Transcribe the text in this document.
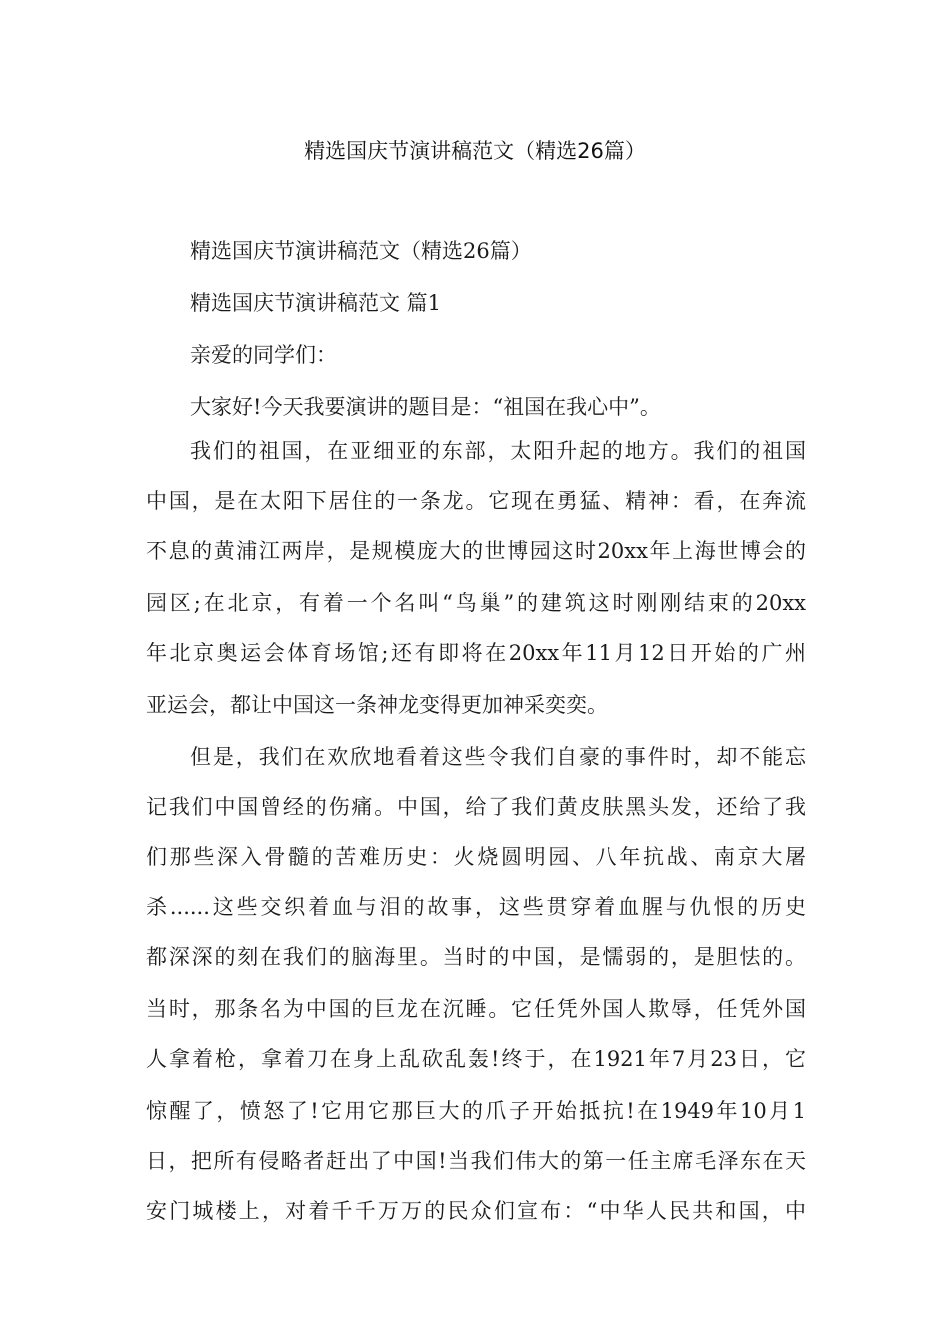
精选国庆节演讲稿范文（精选26篇）
精选国庆节演讲稿范文（精选26篇）
精选国庆节演讲稿范文 篇1
亲爱的同学们：
大家好!今天我要演讲的题目是：“祖国在我心中”。
我们的祖国，在亚细亚的东部，太阳升起的地方。我们的祖国
中国，是在太阳下居住的一条龙。它现在勇猛、精神：看，在奔流
不息的黄浦江两岸，是规模庞大的世博园这时20xx年上海世博会的
园区;在北京，有着一个名叫“鸟巢”的建筑这时刚刚结束的20xx
年北京奥运会体育场馆;还有即将在20xx年11月12日开始的广州
亚运会，都让中国这一条神龙变得更加神采奕奕。
但是，我们在欢欣地看着这些令我们自豪的事件时，却不能忘
记我们中国曾经的伤痛。中国，给了我们黄皮肤黑头发，还给了我
们那些深入骨髓的苦难历史：火烧圆明园、八年抗战、南京大屠
杀......这些交织着血与泪的故事，这些贯穿着血腥与仇恨的历史
都深深的刻在我们的脑海里。当时的中国，是懦弱的，是胆怯的。
当时，那条名为中国的巨龙在沉睡。它任凭外国人欺辱，任凭外国
人拿着枪，拿着刀在身上乱砍乱轰!终于，在1921年7月23日，它
惊醒了，愤怒了!它用它那巨大的爪子开始抵抗!在1949年10月1
日，把所有侵略者赶出了中国!当我们伟大的第一任主席毛泽东在天
安门城楼上，对着千千万万的民众们宣布：“中华人民共和国，中
